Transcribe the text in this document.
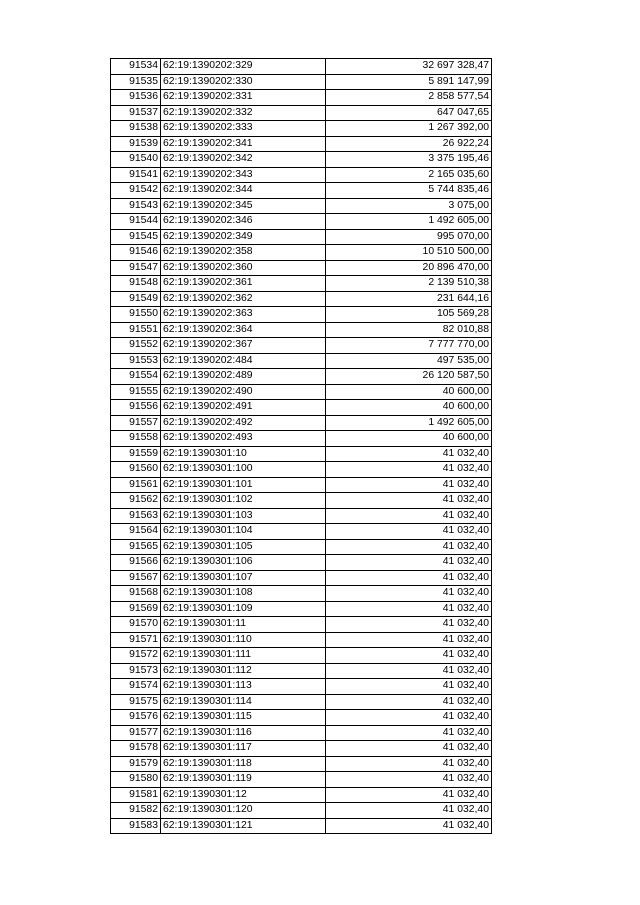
91534	62:19:1390202:329	32 697 328,47
91535	62:19:1390202:330	5 891 147,99
91536	62:19:1390202:331	2 858 577,54
91537	62:19:1390202:332	647 047,65
91538	62:19:1390202:333	1 267 392,00
91539	62:19:1390202:341	26 922,24
91540	62:19:1390202:342	3 375 195,46
91541	62:19:1390202:343	2 165 035,60
91542	62:19:1390202:344	5 744 835,46
91543	62:19:1390202:345	3 075,00
91544	62:19:1390202:346	1 492 605,00
91545	62:19:1390202:349	995 070,00
91546	62:19:1390202:358	10 510 500,00
91547	62:19:1390202:360	20 896 470,00
91548	62:19:1390202:361	2 139 510,38
91549	62:19:1390202:362	231 644,16
91550	62:19:1390202:363	105 569,28
91551	62:19:1390202:364	82 010,88
91552	62:19:1390202:367	7 777 770,00
91553	62:19:1390202:484	497 535,00
91554	62:19:1390202:489	26 120 587,50
91555	62:19:1390202:490	40 600,00
91556	62:19:1390202:491	40 600,00
91557	62:19:1390202:492	1 492 605,00
91558	62:19:1390202:493	40 600,00
91559	62:19:1390301:10	41 032,40
91560	62:19:1390301:100	41 032,40
91561	62:19:1390301:101	41 032,40
91562	62:19:1390301:102	41 032,40
91563	62:19:1390301:103	41 032,40
91564	62:19:1390301:104	41 032,40
91565	62:19:1390301:105	41 032,40
91566	62:19:1390301:106	41 032,40
91567	62:19:1390301:107	41 032,40
91568	62:19:1390301:108	41 032,40
91569	62:19:1390301:109	41 032,40
91570	62:19:1390301:11	41 032,40
91571	62:19:1390301:110	41 032,40
91572	62:19:1390301:111	41 032,40
91573	62:19:1390301:112	41 032,40
91574	62:19:1390301:113	41 032,40
91575	62:19:1390301:114	41 032,40
91576	62:19:1390301:115	41 032,40
91577	62:19:1390301:116	41 032,40
91578	62:19:1390301:117	41 032,40
91579	62:19:1390301:118	41 032,40
91580	62:19:1390301:119	41 032,40
91581	62:19:1390301:12	41 032,40
91582	62:19:1390301:120	41 032,40
91583	62:19:1390301:121	41 032,40
